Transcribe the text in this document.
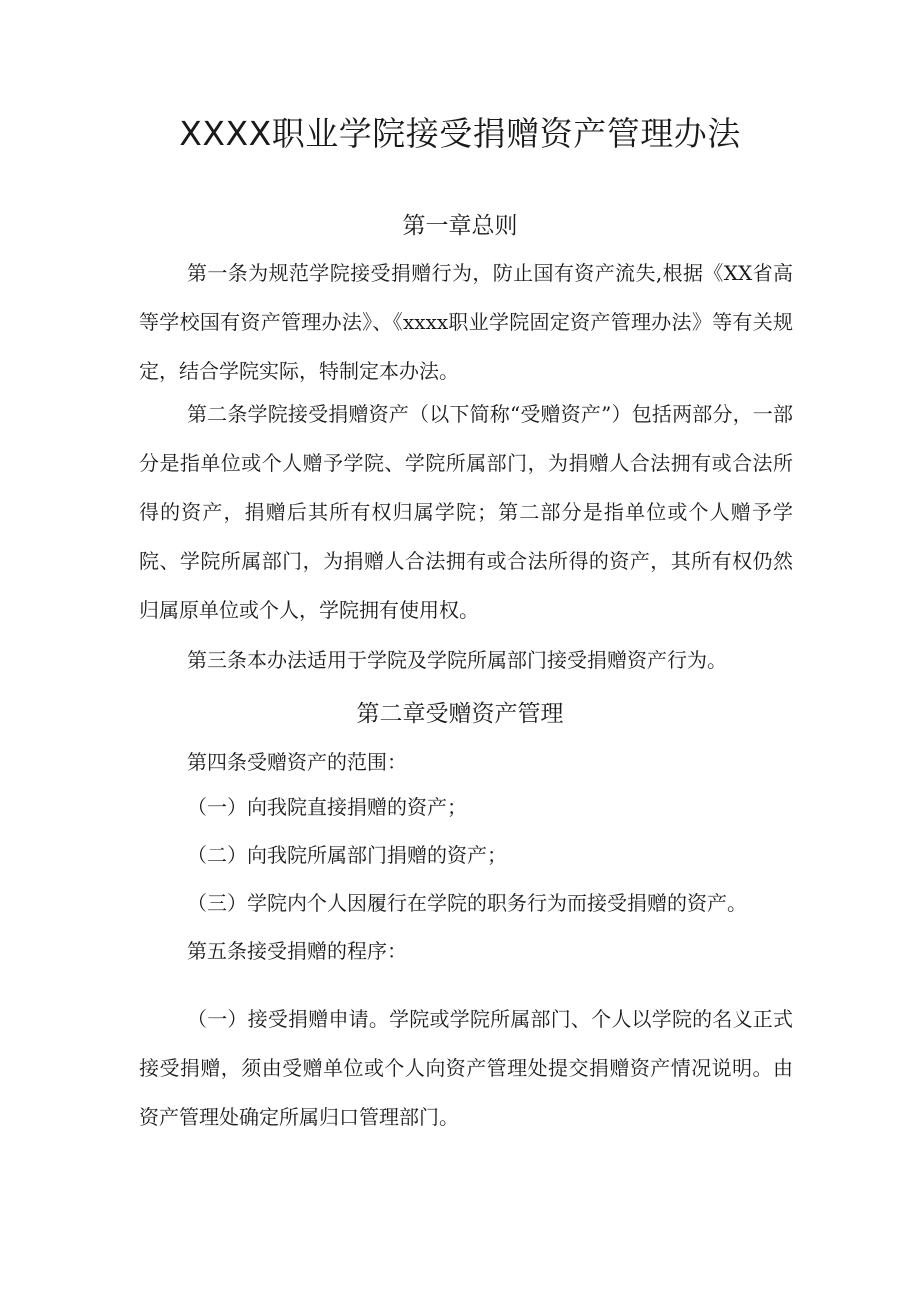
XXXX职业学院接受捐赠资产管理办法
第一章总则

第一条为规范学院接受捐赠行为，防止国有资产流失,根据《XX省高等学校国有资产管理办法》、《xxxx职业学院固定资产管理办法》等有关规定，结合学院实际，特制定本办法。

第二条学院接受捐赠资产（以下简称“受赠资产”）包括两部分，一部分是指单位或个人赠予学院、学院所属部门，为捐赠人合法拥有或合法所得的资产，捐赠后其所有权归属学院；第二部分是指单位或个人赠予学院、学院所属部门，为捐赠人合法拥有或合法所得的资产，其所有权仍然归属原单位或个人，学院拥有使用权。

第三条本办法适用于学院及学院所属部门接受捐赠资产行为。

第二章受赠资产管理

第四条受赠资产的范围：

（一）向我院直接捐赠的资产；

（二）向我院所属部门捐赠的资产；

（三）学院内个人因履行在学院的职务行为而接受捐赠的资产。

第五条接受捐赠的程序：

（一）接受捐赠申请。学院或学院所属部门、个人以学院的名义正式接受捐赠，须由受赠单位或个人向资产管理处提交捐赠资产情况说明。由资产管理处确定所属归口管理部门。
